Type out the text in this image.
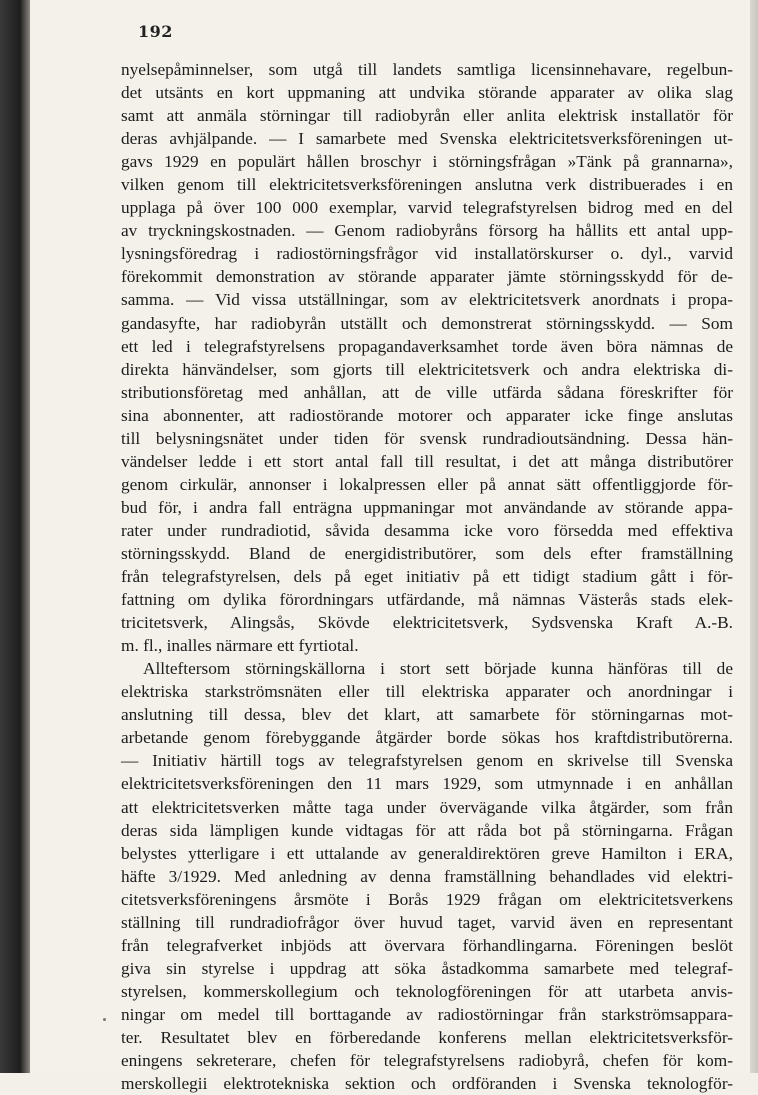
192
nyelsepåminnelser, som utgå till landets samtliga licensinnehavare, regelbun-
det utsänts en kort uppmaning att undvika störande apparater av olika slag
samt att anmäla störningar till radiobyrån eller anlita elektrisk installatör för
deras avhjälpande. — I samarbete med Svenska elektricitetsverksföreningen ut-
gavs 1929 en populärt hållen broschyr i störningsfrågan »Tänk på grannarna»,
vilken genom till elektricitetsverksföreningen anslutna verk distribuerades i en
upplaga på över 100 000 exemplar, varvid telegrafstyrelsen bidrog med en del
av tryckningskostnaden. — Genom radiobyråns försorg ha hållits ett antal upp-
lysningsföredrag i radiostörningsfrågor vid installatörskurser o. dyl., varvid
förekommit demonstration av störande apparater jämte störningsskydd för de-
samma. — Vid vissa utställningar, som av elektricitetsverk anordnats i propa-
gandasyfte, har radiobyrån utställt och demonstrerat störningsskydd. — Som
ett led i telegrafstyrelsens propagandaverksamhet torde även böra nämnas de
direkta hänvändelser, som gjorts till elektricitetsverk och andra elektriska di-
stributionsföretag med anhållan, att de ville utfärda sådana föreskrifter för
sina abonnenter, att radiostörande motorer och apparater icke finge anslutas
till belysningsnätet under tiden för svensk rundradioutsändning. Dessa hän-
vändelser ledde i ett stort antal fall till resultat, i det att många distributörer
genom cirkulär, annonser i lokalpressen eller på annat sätt offentliggjorde för-
bud för, i andra fall enträgna uppmaningar mot användande av störande appa-
rater under rundradiotid, såvida desamma icke voro försedda med effektiva
störningsskydd. Bland de energidistributörer, som dels efter framställning
från telegrafstyrelsen, dels på eget initiativ på ett tidigt stadium gått i för-
fattning om dylika förordningars utfärdande, må nämnas Västerås stads elek-
tricitetsverk, Alingsås, Skövde elektricitetsverk, Sydsvenska Kraft A.-B.
m. fl., inalles närmare ett fyrtiotal.
Allteftersom störningskällorna i stort sett började kunna hänföras till de
elektriska starkströmsnäten eller till elektriska apparater och anordningar i
anslutning till dessa, blev det klart, att samarbete för störningarnas mot-
arbetande genom förebyggande åtgärder borde sökas hos kraftdistributörerna.
— Initiativ härtill togs av telegrafstyrelsen genom en skrivelse till Svenska
elektricitetsverksföreningen den 11 mars 1929, som utmynnade i en anhållan
att elektricitetsverken måtte taga under övervägande vilka åtgärder, som från
deras sida lämpligen kunde vidtagas för att råda bot på störningarna. Frågan
belystes ytterligare i ett uttalande av generaldirektören greve Hamilton i ERA,
häfte 3/1929. Med anledning av denna framställning behandlades vid elektri-
citetsverksföreningens årsmöte i Borås 1929 frågan om elektricitetsverkens
ställning till rundradiofrågor över huvud taget, varvid även en representant
från telegrafverket inbjöds att övervara förhandlingarna. Föreningen beslöt
giva sin styrelse i uppdrag att söka åstadkomma samarbete med telegraf-
styrelsen, kommerskollegium och teknologföreningen för att utarbeta anvis-
ningar om medel till borttagande av radiostörningar från starkströmsappara-
ter. Resultatet blev en förberedande konferens mellan elektricitetsverksför-
eningens sekreterare, chefen för telegrafstyrelsens radiobyrå, chefen för kom-
merskollegii elektrotekniska sektion och ordföranden i Svenska teknologför-
